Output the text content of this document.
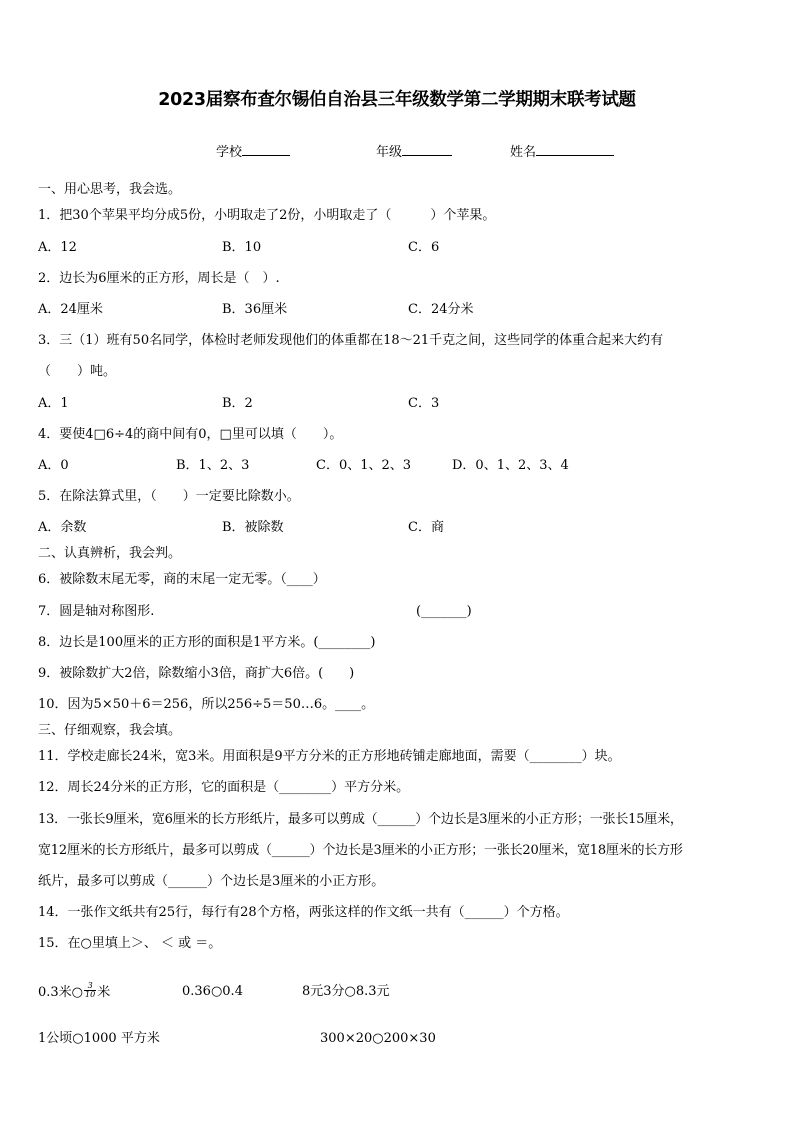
2023届察布查尔锡伯自治县三年级数学第二学期期末联考试题
学校	年级	姓名
一、用心思考，我会选。
1．把30个苹果平均分成5份，小明取走了2份，小明取走了（　　　）个苹果。
A．12	B．10	C．6
2．边长为6厘米的正方形，周长是（　）.
A．24厘米	B．36厘米	C．24分米
3．三（1）班有50名同学，体检时老师发现他们的体重都在18～21千克之间，这些同学的体重合起来大约有
（　　）吨。
A．1	B．2	C．3
4．要使4□6÷4的商中间有0，□里可以填（　　）。
A．0	B．1、2、3	C．0、1、2、3	D．0、1、2、3、4
5．在除法算式里，（　　）一定要比除数小。
A．余数	B．被除数	C．商
二、认真辨析，我会判。
6．被除数末尾无零，商的末尾一定无零。（____）
7．圆是轴对称图形.	(_______)
8．边长是100厘米的正方形的面积是1平方米。(________)
9．被除数扩大2倍，除数缩小3倍，商扩大6倍。(　　)
10．因为5×50＋6＝256，所以256÷5＝50…6。____。
三、仔细观察，我会填。
11．学校走廊长24米，宽3米。用面积是9平方分米的正方形地砖铺走廊地面，需要（________）块。
12．周长24分米的正方形，它的面积是（________）平方分米。
13．一张长9厘米，宽6厘米的长方形纸片，最多可以剪成（______）个边长是3厘米的小正方形；一张长15厘米，
宽12厘米的长方形纸片，最多可以剪成（______）个边长是3厘米的小正方形；一张长20厘米，宽18厘米的长方形
纸片，最多可以剪成（______）个边长是3厘米的小正方形。
14．一张作文纸共有25行，每行有28个方格，两张这样的作文纸一共有（______）个方格。
15．在○里填上＞、 ＜ 或 ＝。
0.3米○ $\frac{3}{10}$ 米	0.36○0.4	8元3分○8.3元
1公顷○1000 平方米	300×20○200×30
